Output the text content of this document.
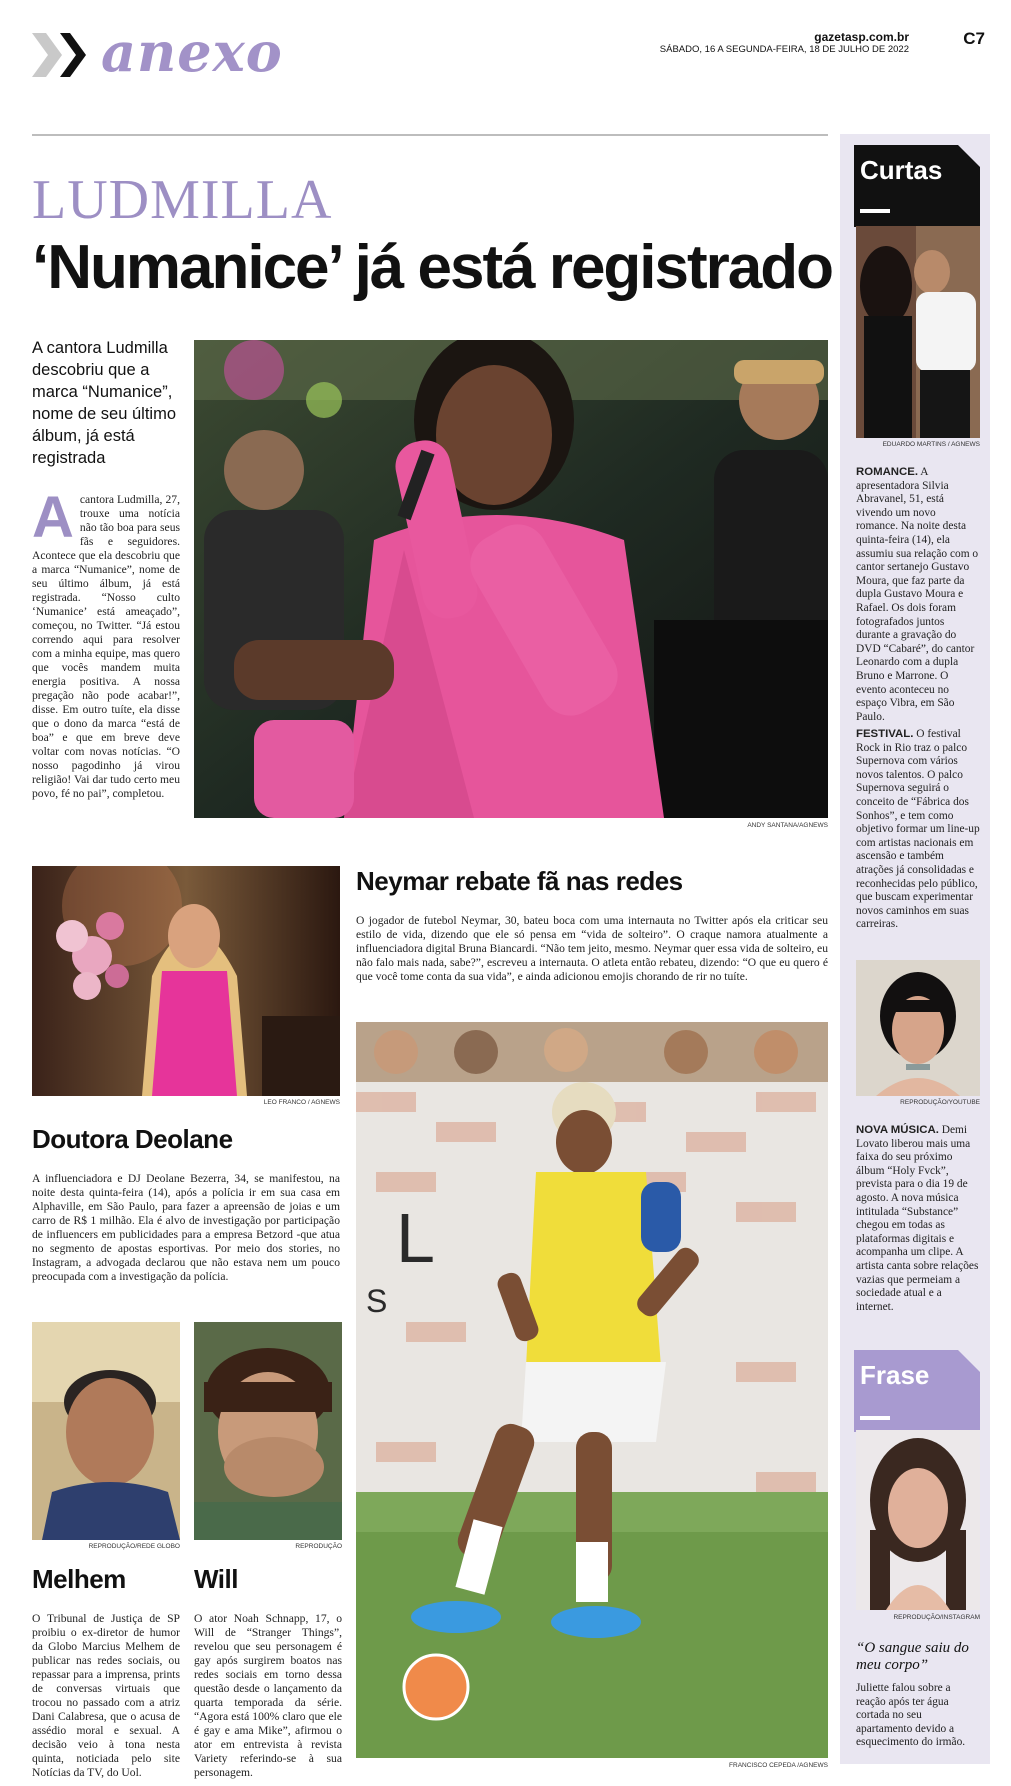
anexo	gazetasp.com.br
SÁBADO, 16 A SEGUNDA-FEIRA, 18 DE JULHO DE 2022
C7
LUDMILLA
‘Numanice’ já está registrado
A cantora Ludmilla descobriu que a marca “Numanice”, nome de seu último álbum, já está registrada
Acantora Ludmilla, 27, trouxe uma notícia não tão boa para seus fãs e seguidores. Acontece que ela descobriu que a marca “Numanice”, nome de seu último álbum, já está registrada. “Nosso culto ‘Numanice’ está ameaçado”, começou, no Twitter. “Já estou correndo aqui para resolver com a minha equipe, mas quero que vocês mandem muita energia positiva. A nossa pregação não pode acabar!”, disse. Em outro tuíte, ela disse que o dono da marca “está de boa” e que em breve deve voltar com novas notícias. “O nosso pagodinho já virou religião! Vai dar tudo certo meu povo, fé no pai”, completou.
ANDY SANTANA/AGNEWS
LEO FRANCO / AGNEWS
Doutora Deolane
A influenciadora e DJ Deolane Bezerra, 34, se manifestou, na noite desta quinta-feira (14), após a polícia ir em sua casa em Alphaville, em São Paulo, para fazer a apreensão de joias e um carro de R$ 1 milhão. Ela é alvo de investigação por participação de influencers em publicidades para a empresa Betzord -que atua no segmento de apostas esportivas. Por meio dos stories, no Instagram, a advogada declarou que não estava nem um pouco preocupada com a investigação da polícia.
Neymar rebate fã nas redes
O jogador de futebol Neymar, 30, bateu boca com uma internauta no Twitter após ela criticar seu estilo de vida, dizendo que ele só pensa em “vida de solteiro”. O craque namora atualmente a influenciadora digital Bruna Biancardi. “Não tem jeito, mesmo. Neymar quer essa vida de solteiro, eu não falo mais nada, sabe?”, escreveu a internauta. O atleta então rebateu, dizendo: “O que eu quero é que você tome conta da sua vida”, e ainda adicionou emojis chorando de rir no tuíte.
L
S
FRANCISCO CEPEDA /AGNEWS
REPRODUÇÃO/REDE GLOBO
Melhem
O Tribunal de Justiça de SP proibiu o ex-diretor de humor da Globo Marcius Melhem de publicar nas redes sociais, ou repassar para a imprensa, prints de conversas virtuais que trocou no passado com a atriz Dani Calabresa, que o acusa de assédio moral e sexual. A decisão veio à tona nesta quinta, noticiada pelo site Notícias da TV, do Uol.
REPRODUÇÃO
Will
O ator Noah Schnapp, 17, o Will de “Stranger Things”, revelou que seu personagem é gay após surgirem boatos nas redes sociais em torno dessa questão desde o lançamento da quarta temporada da série. “Agora está 100% claro que ele é gay e ama Mike”, afirmou o ator em entrevista à revista Variety referindo-se à sua personagem.
Curtas
EDUARDO MARTINS / AGNEWS
ROMANCE. A apresentadora Silvia Abravanel, 51, está vivendo um novo romance. Na noite desta quinta-feira (14), ela assumiu sua relação com o cantor sertanejo Gustavo Moura, que faz parte da dupla Gustavo Moura e Rafael. Os dois foram fotografados juntos durante a gravação do DVD “Cabaré”, do cantor Leonardo com a dupla Bruno e Marrone. O evento aconteceu no espaço Vibra, em São Paulo.
FESTIVAL. O festival Rock in Rio traz o palco Supernova com vários novos talentos. O palco Supernova seguirá o conceito de “Fábrica dos Sonhos”, e tem como objetivo formar um line-up com artistas nacionais em ascensão e também atrações já consolidadas e reconhecidas pelo público, que buscam experimentar novos caminhos em suas carreiras.
REPRODUÇÃO/YOUTUBE
NOVA MÚSICA. Demi Lovato liberou mais uma faixa do seu próximo álbum “Holy Fvck”, prevista para o dia 19 de agosto. A nova música intitulada “Substance” chegou em todas as plataformas digitais e acompanha um clipe. A artista canta sobre relações vazias que permeiam a sociedade atual e a internet.
Frase
REPRODUÇÃO/INSTAGRAM
“O sangue saiu do meu corpo”
Juliette falou sobre a reação após ter água cortada no seu apartamento devido a esquecimento do irmão.
